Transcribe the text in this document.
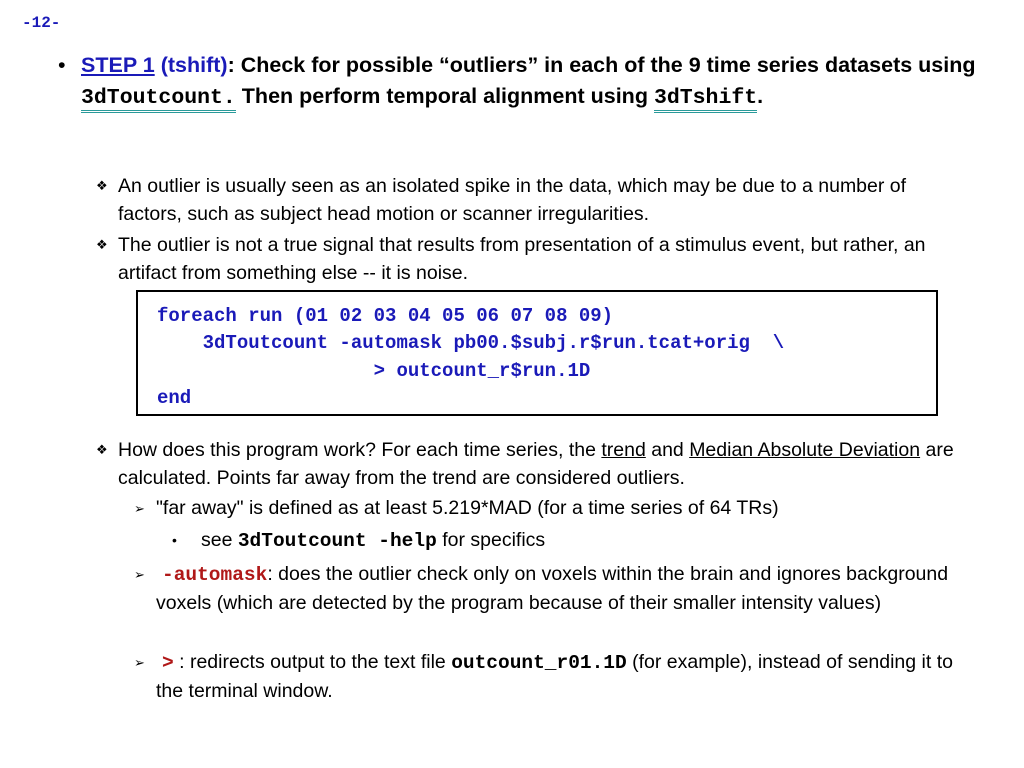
-12-
• STEP 1 (tshift): Check for possible “outliers” in each of the 9 time series datasets using 3dToutcount. Then perform temporal alignment using 3dTshift.
❖ An outlier is usually seen as an isolated spike in the data, which may be due to a number of factors, such as subject head motion or scanner irregularities.
❖ The outlier is not a true signal that results from presentation of a stimulus event, but rather, an artifact from something else -- it is noise.
foreach run (01 02 03 04 05 06 07 08 09)
3dToutcount -automask pb00.$subj.r$run.tcat+orig  \
> outcount_r$run.1D
end
❖ How does this program work? For each time series, the trend and Median Absolute Deviation are calculated. Points far away from the trend are considered outliers.
➢ "far away" is defined as at least 5.219*MAD (for a time series of 64 TRs)
• see 3dToutcount -help for specifics
➢ -automask: does the outlier check only on voxels within the brain and ignores background voxels (which are detected by the program because of their smaller intensity values)
➢ > : redirects output to the text file outcount_r01.1D (for example), instead of sending it to the terminal window.
